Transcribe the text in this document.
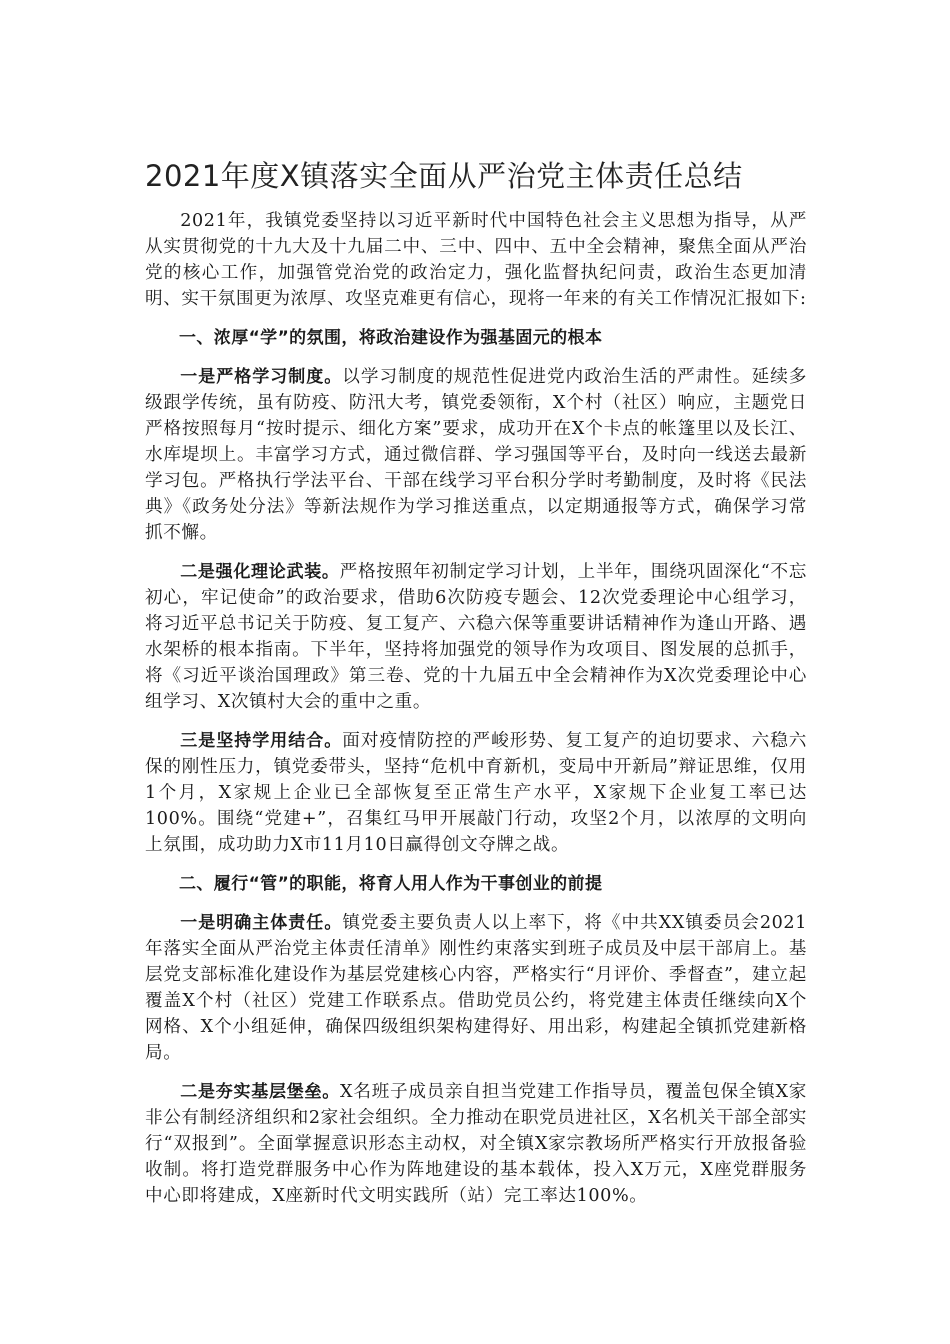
2021年度X镇落实全面从严治党主体责任总结

2021年，我镇党委坚持以习近平新时代中国特色社会主义思想为指导，从严从实贯彻党的十九大及十九届二中、三中、四中、五中全会精神，聚焦全面从严治党的核心工作，加强管党治党的政治定力，强化监督执纪问责，政治生态更加清明、实干氛围更为浓厚、攻坚克难更有信心，现将一年来的有关工作情况汇报如下:

一、浓厚“学”的氛围，将政治建设作为强基固元的根本

一是严格学习制度。以学习制度的规范性促进党内政治生活的严肃性。延续多级跟学传统，虽有防疫、防汛大考，镇党委领衔，X个村（社区）响应，主题党日严格按照每月“按时提示、细化方案”要求，成功开在X个卡点的帐篷里以及长江、水库堤坝上。丰富学习方式，通过微信群、学习强国等平台，及时向一线送去最新学习包。严格执行学法平台、干部在线学习平台积分学时考勤制度，及时将《民法典》《政务处分法》等新法规作为学习推送重点，以定期通报等方式，确保学习常抓不懈。

二是强化理论武装。严格按照年初制定学习计划，上半年，围绕巩固深化“不忘初心，牢记使命”的政治要求，借助6次防疫专题会、12次党委理论中心组学习，将习近平总书记关于防疫、复工复产、六稳六保等重要讲话精神作为逢山开路、遇水架桥的根本指南。下半年，坚持将加强党的领导作为攻项目、图发展的总抓手，将《习近平谈治国理政》第三卷、党的十九届五中全会精神作为X次党委理论中心组学习、X次镇村大会的重中之重。

三是坚持学用结合。面对疫情防控的严峻形势、复工复产的迫切要求、六稳六保的刚性压力，镇党委带头，坚持“危机中育新机，变局中开新局”辩证思维，仅用1个月，X家规上企业已全部恢复至正常生产水平，X家规下企业复工率已达100%。围绕“党建+”，召集红马甲开展敲门行动，攻坚2个月，以浓厚的文明向上氛围，成功助力X市11月10日赢得创文夺牌之战。

二、履行“管”的职能，将育人用人作为干事创业的前提

一是明确主体责任。镇党委主要负责人以上率下，将《中共XX镇委员会2021年落实全面从严治党主体责任清单》刚性约束落实到班子成员及中层干部肩上。基层党支部标准化建设作为基层党建核心内容，严格实行“月评价、季督查”，建立起覆盖X个村（社区）党建工作联系点。借助党员公约，将党建主体责任继续向X个网格、X个小组延伸，确保四级组织架构建得好、用出彩，构建起全镇抓党建新格局。

二是夯实基层堡垒。X名班子成员亲自担当党建工作指导员，覆盖包保全镇X家非公有制经济组织和2家社会组织。全力推动在职党员进社区，X名机关干部全部实行“双报到”。全面掌握意识形态主动权，对全镇X家宗教场所严格实行开放报备验收制。将打造党群服务中心作为阵地建设的基本载体，投入X万元，X座党群服务中心即将建成，X座新时代文明实践所（站）完工率达100%。
